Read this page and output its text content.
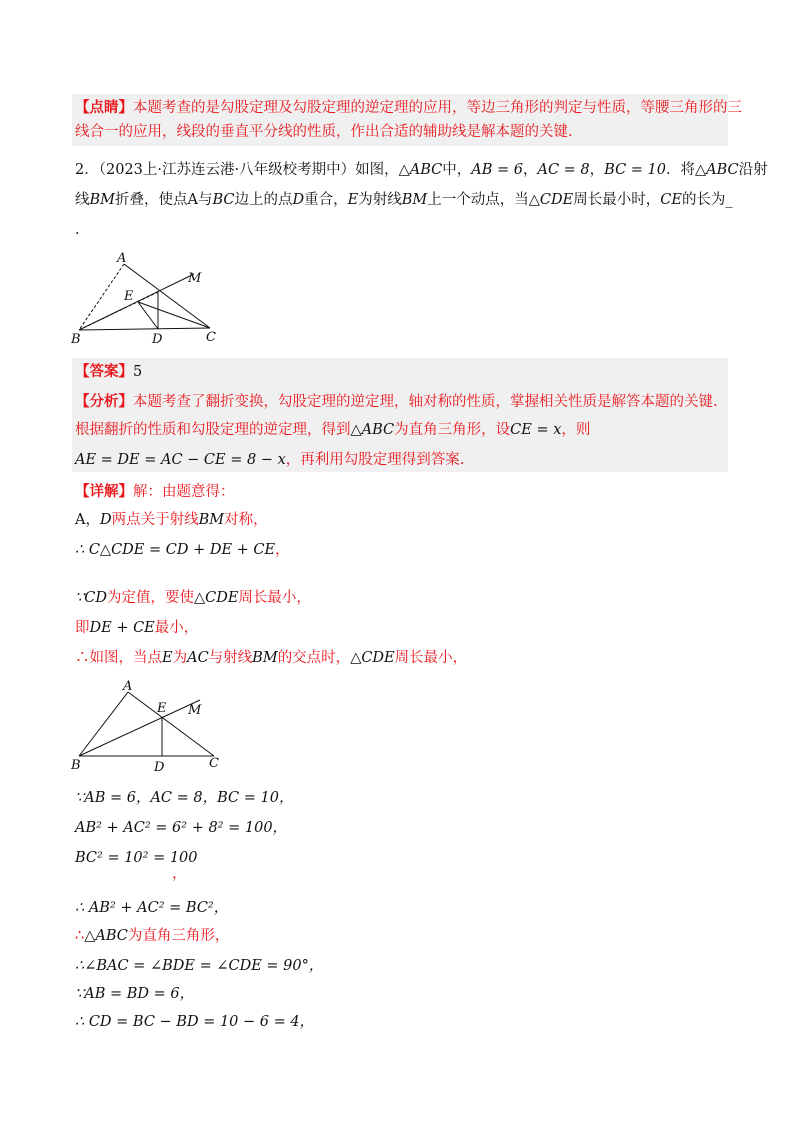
【点睛】本题考查的是勾股定理及勾股定理的逆定理的应用，等边三角形的判定与性质，等腰三角形的三
线合一的应用，线段的垂直平分线的性质，作出合适的辅助线是解本题的关键.
2．（2023上·江苏连云港·八年级校考期中）如图，△ABC中，AB = 6，AC = 8，BC = 10．将△ABC沿射
线BM折叠，使点A与BC边上的点D重合，E为射线BM上一个动点，当△CDE周长最小时，CE的长为_
.
A
M
E
B	D	C
【答案】5
【分析】本题考查了翻折变换，勾股定理的逆定理，轴对称的性质，掌握相关性质是解答本题的关键.
根据翻折的性质和勾股定理的逆定理，得到△ABC为直角三角形，设CE = x，则
AE = DE = AC − CE = 8 − x，再利用勾股定理得到答案.
【详解】解：由题意得：
A，D两点关于射线BM对称，
∴ C△CDE = CD + DE + CE，
∵CD为定值，要使△CDE周长最小，
即DE + CE最小，
∴如图，当点E为AC与射线BM的交点时，△CDE周长最小，
A
E M
B	D	C
∵AB = 6，AC = 8，BC = 10，
AB² + AC² = 6² + 8² = 100，
BC² = 10² = 100
，
∴ AB² + AC² = BC²，
∴△ABC为直角三角形，
∴∠BAC = ∠BDE = ∠CDE = 90°，
∵AB = BD = 6，
∴ CD = BC − BD = 10 − 6 = 4，
